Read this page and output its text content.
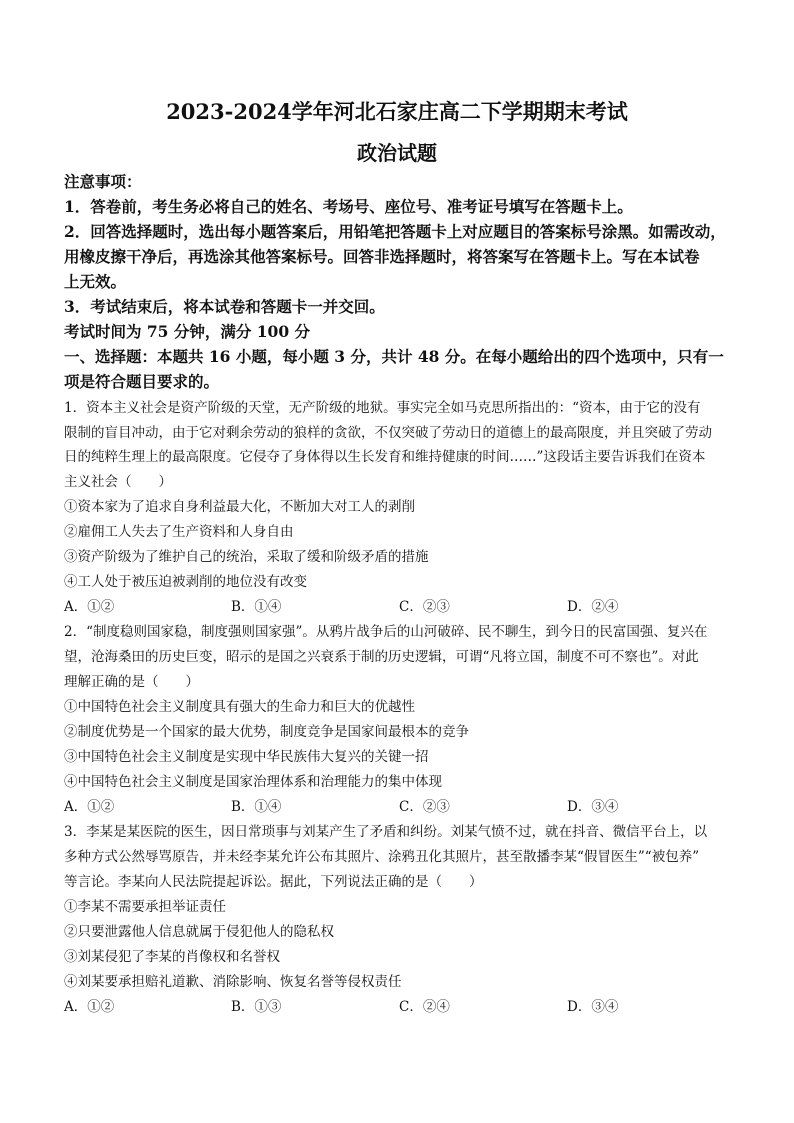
2023-2024学年河北石家庄高二下学期期末考试
政治试题
注意事项：
1．答卷前，考生务必将自己的姓名、考场号、座位号、准考证号填写在答题卡上。
2．回答选择题时，选出每小题答案后，用铅笔把答题卡上对应题目的答案标号涂黑。如需改动，
用橡皮擦干净后，再选涂其他答案标号。回答非选择题时，将答案写在答题卡上。写在本试卷
上无效。
3．考试结束后，将本试卷和答题卡一并交回。
考试时间为 75 分钟，满分 100 分
一、选择题：本题共 16 小题，每小题 3 分，共计 48 分。在每小题给出的四个选项中，只有一
项是符合题目要求的。
1．资本主义社会是资产阶级的天堂，无产阶级的地狱。事实完全如马克思所指出的：“资本，由于它的没有
限制的盲目冲动，由于它对剩余劳动的狼样的贪欲，不仅突破了劳动日的道德上的最高限度，并且突破了劳动
日的纯粹生理上的最高限度。它侵夺了身体得以生长发育和维持健康的时间……”这段话主要告诉我们在资本
主义社会（　　）
①资本家为了追求自身利益最大化，不断加大对工人的剥削
②雇佣工人失去了生产资料和人身自由
③资产阶级为了维护自己的统治，采取了缓和阶级矛盾的措施
④工人处于被压迫被剥削的地位没有改变
A．①②	B．①④	C．②③	D．②④
2．“制度稳则国家稳，制度强则国家强”。从鸦片战争后的山河破碎、民不聊生，到今日的民富国强、复兴在
望，沧海桑田的历史巨变，昭示的是国之兴衰系于制的历史逻辑，可谓“凡将立国，制度不可不察也”。对此
理解正确的是（　　）
①中国特色社会主义制度具有强大的生命力和巨大的优越性
②制度优势是一个国家的最大优势，制度竞争是国家间最根本的竞争
③中国特色社会主义制度是实现中华民族伟大复兴的关键一招
④中国特色社会主义制度是国家治理体系和治理能力的集中体现
A．①②	B．①④	C．②③	D．③④
3．李某是某医院的医生，因日常琐事与刘某产生了矛盾和纠纷。刘某气愤不过，就在抖音、微信平台上，以
多种方式公然辱骂原告，并未经李某允许公布其照片、涂鸦丑化其照片，甚至散播李某“假冒医生”“被包养”
等言论。李某向人民法院提起诉讼。据此，下列说法正确的是（　　）
①李某不需要承担举证责任
②只要泄露他人信息就属于侵犯他人的隐私权
③刘某侵犯了李某的肖像权和名誉权
④刘某要承担赔礼道歉、消除影响、恢复名誉等侵权责任
A．①②	B．①③	C．②④	D．③④
